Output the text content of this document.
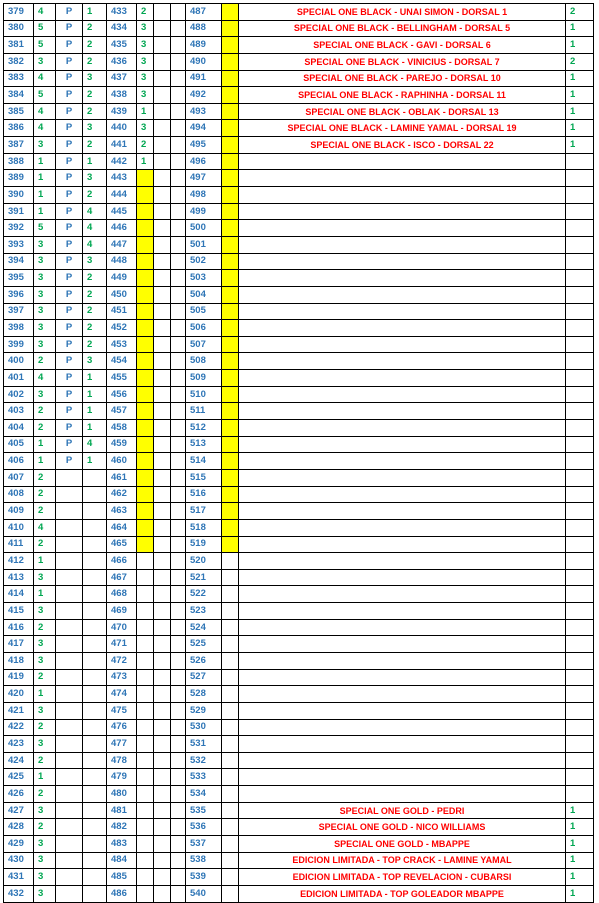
379	4	P	1	433	2			487		SPECIAL ONE BLACK - UNAI SIMON - DORSAL 1	2
380	5	P	2	434	3			488		SPECIAL ONE BLACK - BELLINGHAM - DORSAL 5	1
381	5	P	2	435	3			489		SPECIAL ONE BLACK - GAVI - DORSAL 6	1
382	3	P	2	436	3			490		SPECIAL ONE BLACK - VINICIUS - DORSAL 7	2
383	4	P	3	437	3			491		SPECIAL ONE BLACK - PAREJO - DORSAL 10	1
384	5	P	2	438	3			492		SPECIAL ONE BLACK - RAPHINHA - DORSAL 11	1
385	4	P	2	439	1			493		SPECIAL ONE BLACK - OBLAK - DORSAL 13	1
386	4	P	3	440	3			494		SPECIAL ONE BLACK - LAMINE YAMAL - DORSAL 19	1
387	3	P	2	441	2			495		SPECIAL ONE BLACK - ISCO - DORSAL 22	1
388	1	P	1	442	1			496			
389	1	P	3	443				497			
390	1	P	2	444				498			
391	1	P	4	445				499			
392	5	P	4	446				500			
393	3	P	4	447				501			
394	3	P	3	448				502			
395	3	P	2	449				503			
396	3	P	2	450				504			
397	3	P	2	451				505			
398	3	P	2	452				506			
399	3	P	2	453				507			
400	2	P	3	454				508			
401	4	P	1	455				509			
402	3	P	1	456				510			
403	2	P	1	457				511			
404	2	P	1	458				512			
405	1	P	4	459				513			
406	1	P	1	460				514			
407	2			461				515			
408	2			462				516			
409	2			463				517			
410	4			464				518			
411	2			465				519			
412	1			466				520			
413	3			467				521			
414	1			468				522			
415	3			469				523			
416	2			470				524			
417	3			471				525			
418	3			472				526			
419	2			473				527			
420	1			474				528			
421	3			475				529			
422	2			476				530			
423	3			477				531			
424	2			478				532			
425	1			479				533			
426	2			480				534			
427	3			481				535		SPECIAL ONE GOLD - PEDRI	1
428	2			482				536		SPECIAL ONE GOLD - NICO WILLIAMS	1
429	3			483				537		SPECIAL ONE GOLD - MBAPPE	1
430	3			484				538		EDICION LIMITADA - TOP CRACK - LAMINE YAMAL	1
431	3			485				539		EDICION LIMITADA - TOP REVELACION - CUBARSI	1
432	3			486				540		EDICION LIMITADA - TOP GOLEADOR MBAPPE	1
